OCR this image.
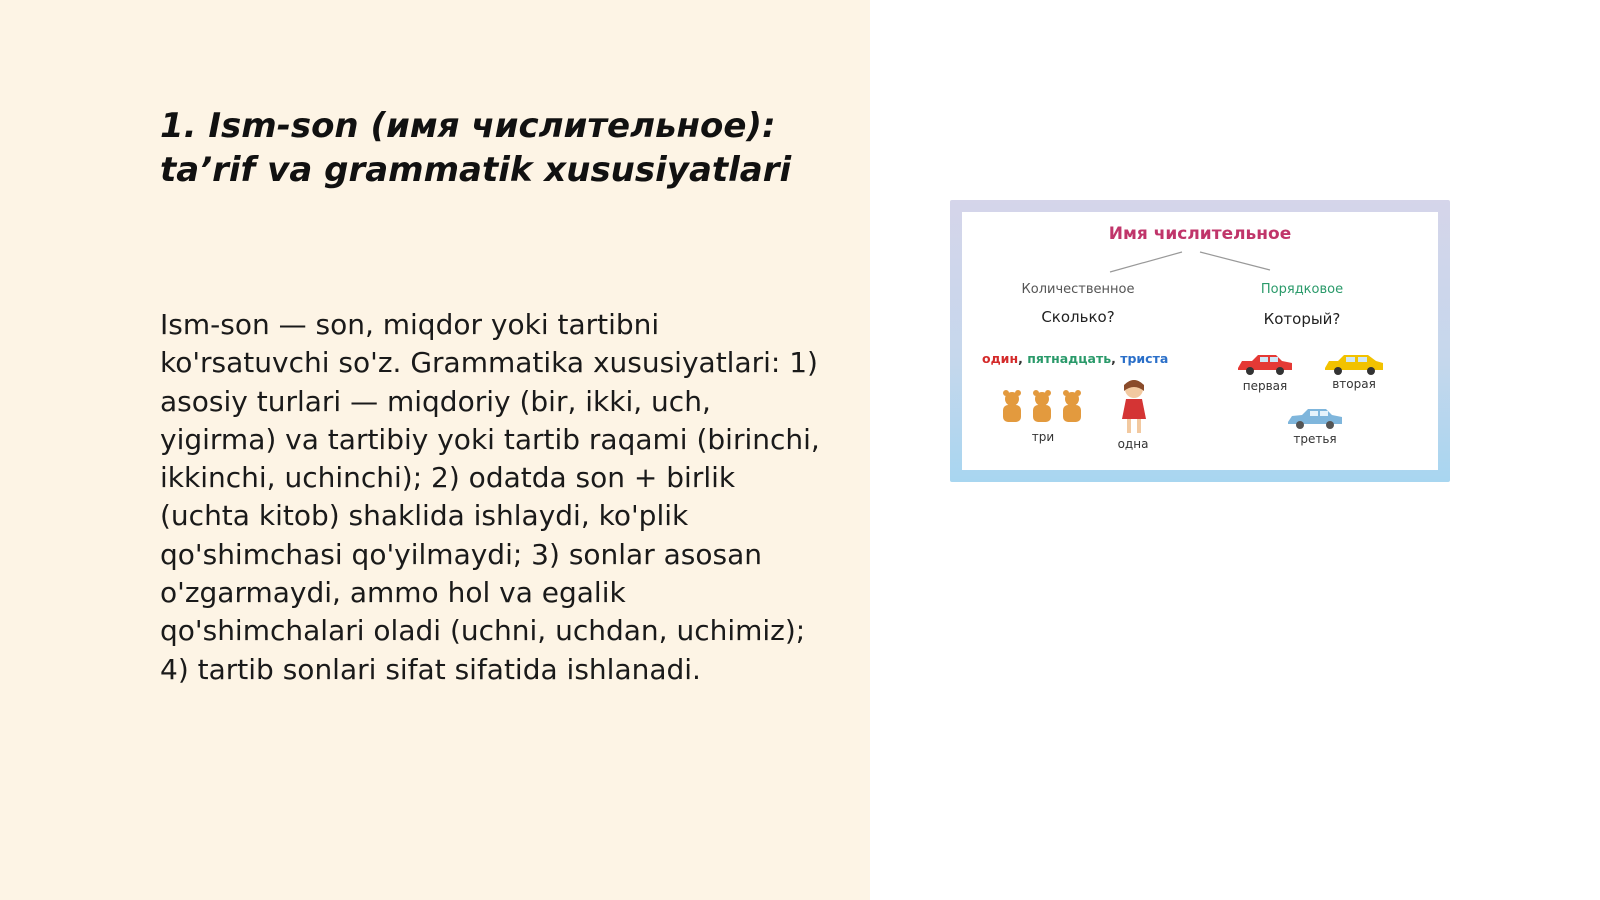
1. Ism-son (имя числительное):
ta’rif va grammatik xususiyatlari

Ism-son — son, miqdor yoki tartibni ko'rsatuvchi so'z. Grammatika xususiyatlari: 1) asosiy turlari — miqdoriy (bir, ikki, uch, yigirma) va tartibiy yoki tartib raqami (birinchi, ikkinchi, uchinchi); 2) odatda son + birlik (uchta kitob) shaklida ishlaydi, ko'plik qo'shimchasi qo'yilmaydi; 3) sonlar asosan o'zgarmaydi, ammo hol va egalik qo'shimchalari oladi (uchni, uchdan, uchimiz); 4) tartib sonlari sifat sifatida ishlanadi.

Имя числительное
Количественное
Сколько?
Порядковое
Который?
один, пятнадцать, триста
три	одна
первая	вторая
третья
